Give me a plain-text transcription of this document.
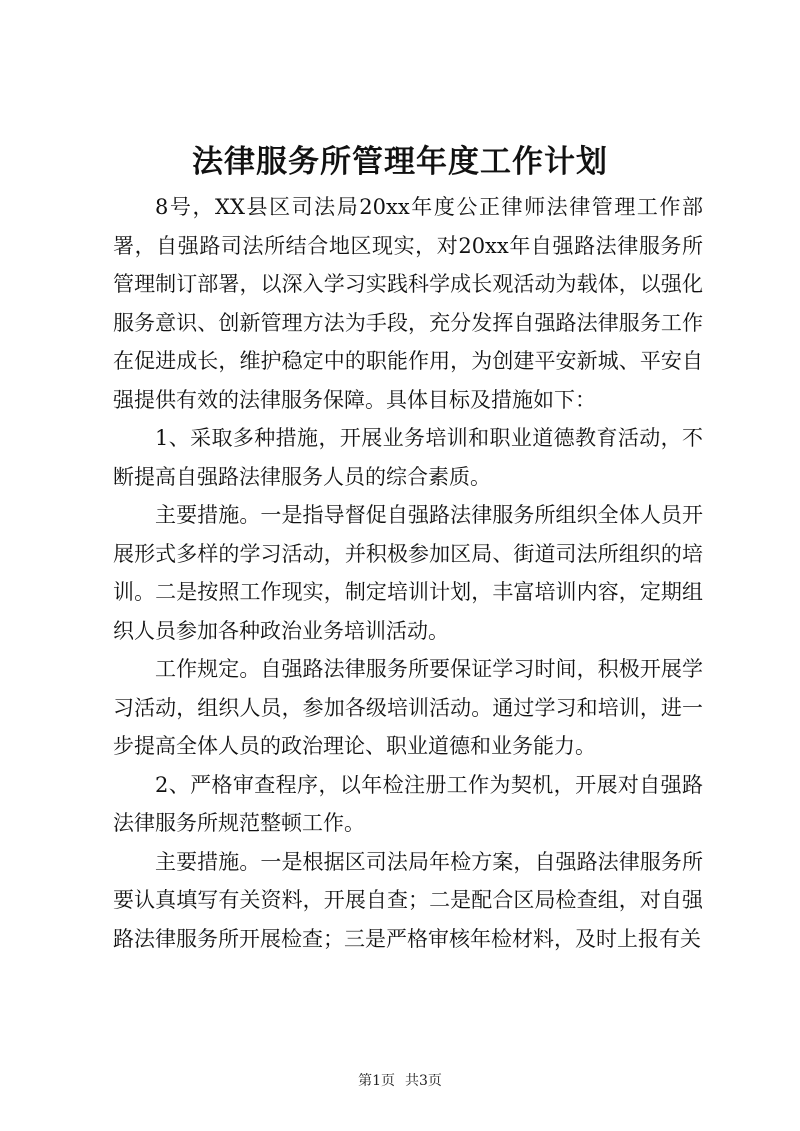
法律服务所管理年度工作计划

8号，XX县区司法局20xx年度公正律师法律管理工作部署，自强路司法所结合地区现实，对20xx年自强路法律服务所管理制订部署，以深入学习实践科学成长观活动为载体，以强化服务意识、创新管理方法为手段，充分发挥自强路法律服务工作在促进成长，维护稳定中的职能作用，为创建平安新城、平安自强提供有效的法律服务保障。具体目标及措施如下：

1、采取多种措施，开展业务培训和职业道德教育活动，不断提高自强路法律服务人员的综合素质。

主要措施。一是指导督促自强路法律服务所组织全体人员开展形式多样的学习活动，并积极参加区局、街道司法所组织的培训。二是按照工作现实，制定培训计划，丰富培训内容，定期组织人员参加各种政治业务培训活动。

工作规定。自强路法律服务所要保证学习时间，积极开展学习活动，组织人员，参加各级培训活动。通过学习和培训，进一步提高全体人员的政治理论、职业道德和业务能力。

2、严格审查程序，以年检注册工作为契机，开展对自强路法律服务所规范整顿工作。

主要措施。一是根据区司法局年检方案，自强路法律服务所要认真填写有关资料，开展自查；二是配合区局检查组，对自强路法律服务所开展检查；三是严格审核年检材料，及时上报有关

第1页 共3页
